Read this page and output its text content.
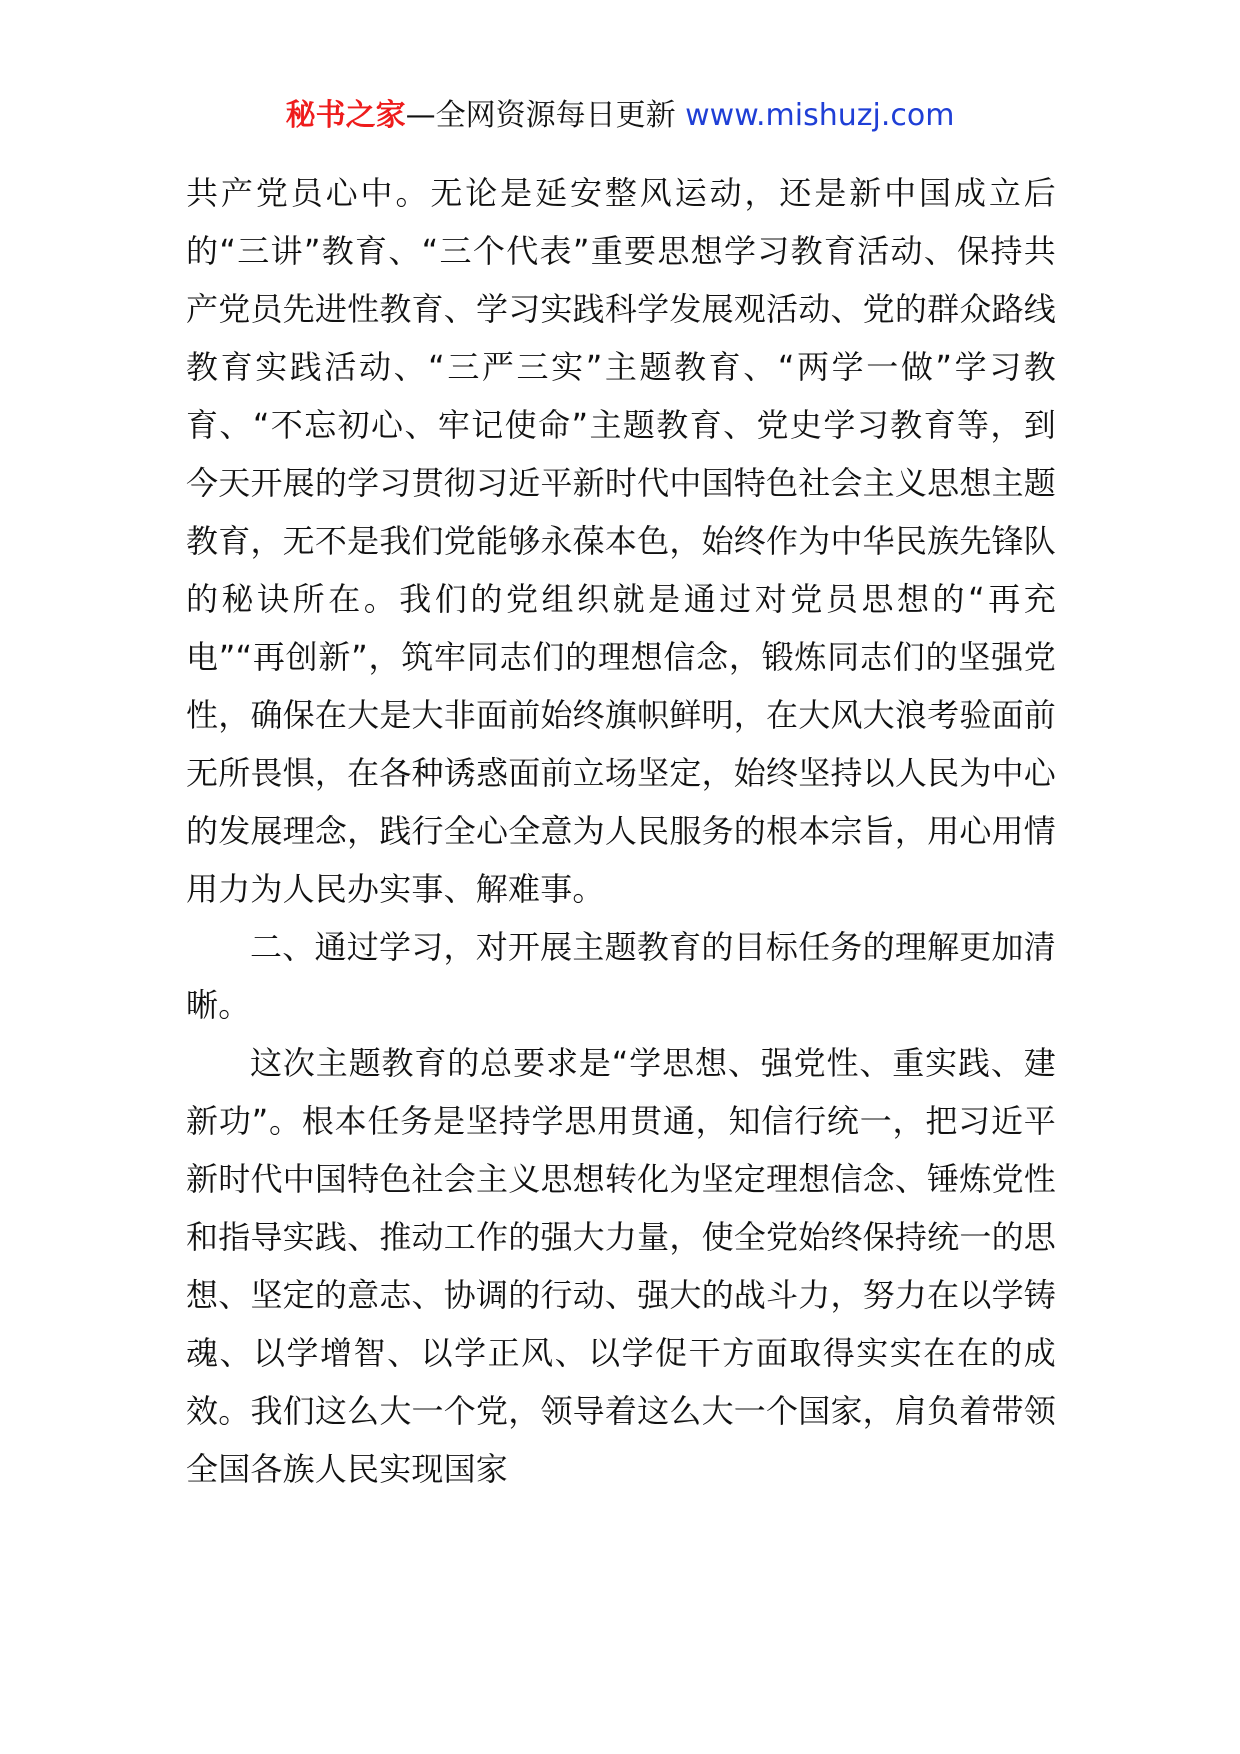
秘书之家—全网资源每日更新 www.mishuzj.com

共产党员心中。无论是延安整风运动，还是新中国成立后的“三讲”教育、“三个代表”重要思想学习教育活动、保持共产党员先进性教育、学习实践科学发展观活动、党的群众路线教育实践活动、“三严三实”主题教育、“两学一做”学习教育、“不忘初心、牢记使命”主题教育、党史学习教育等，到今天开展的学习贯彻习近平新时代中国特色社会主义思想主题教育，无不是我们党能够永葆本色，始终作为中华民族先锋队的秘诀所在。我们的党组织就是通过对党员思想的“再充电”“再创新”，筑牢同志们的理想信念，锻炼同志们的坚强党性，确保在大是大非面前始终旗帜鲜明，在大风大浪考验面前无所畏惧，在各种诱惑面前立场坚定，始终坚持以人民为中心的发展理念，践行全心全意为人民服务的根本宗旨，用心用情用力为人民办实事、解难事。

二、通过学习，对开展主题教育的目标任务的理解更加清晰。

这次主题教育的总要求是“学思想、强党性、重实践、建新功”。根本任务是坚持学思用贯通，知信行统一，把习近平新时代中国特色社会主义思想转化为坚定理想信念、锤炼党性和指导实践、推动工作的强大力量，使全党始终保持统一的思想、坚定的意志、协调的行动、强大的战斗力，努力在以学铸魂、以学增智、以学正风、以学促干方面取得实实在在的成效。我们这么大一个党，领导着这么大一个国家，肩负着带领全国各族人民实现国家
